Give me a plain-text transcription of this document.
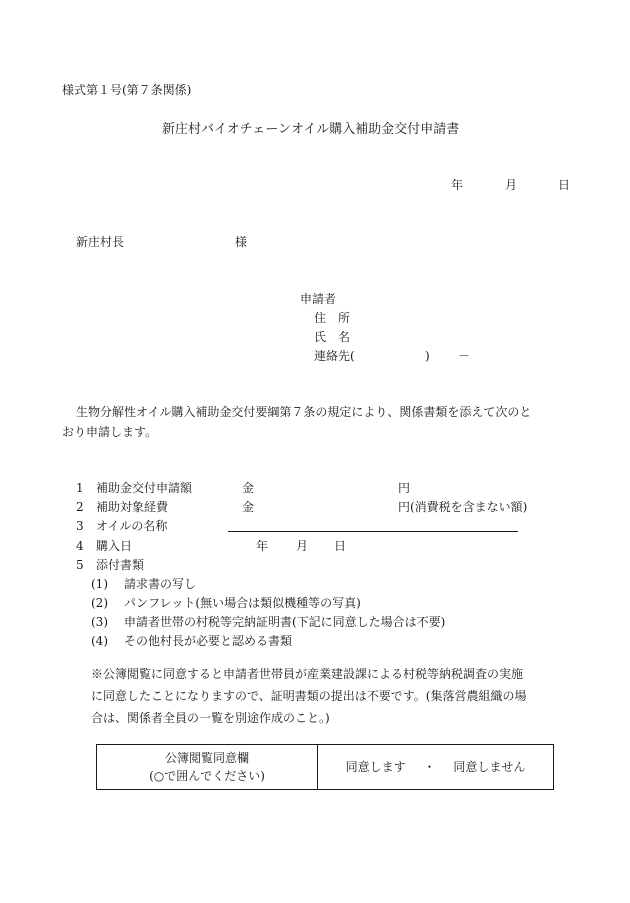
様式第１号(第７条関係)
新庄村バイオチェーンオイル購入補助金交付申請書
年	月	日
新庄村長	様
申請者
住　所
氏　名
連絡先(	) －
生物分解性オイル購入補助金交付要綱第７条の規定により、関係書類を添えて次のと
おり申請します。
1 補助金交付申請額	金	円
2 補助対象経費	金	円(消費税を含まない額)
3 オイルの名称
4 購入日	年 月 日
5 添付書類
(1) 請求書の写し
(2) パンフレット(無い場合は類似機種等の写真)
(3) 申請者世帯の村税等完納証明書(下記に同意した場合は不要)
(4) その他村長が必要と認める書類
※公簿閲覧に同意すると申請者世帯員が産業建設課による村税等納税調査の実施
に同意したことになりますので、証明書類の提出は不要です。(集落営農組織の場
合は、関係者全員の一覧を別途作成のこと。)
公簿閲覧同意欄
(○で囲んでください)
	同意します ・ 同意しません
